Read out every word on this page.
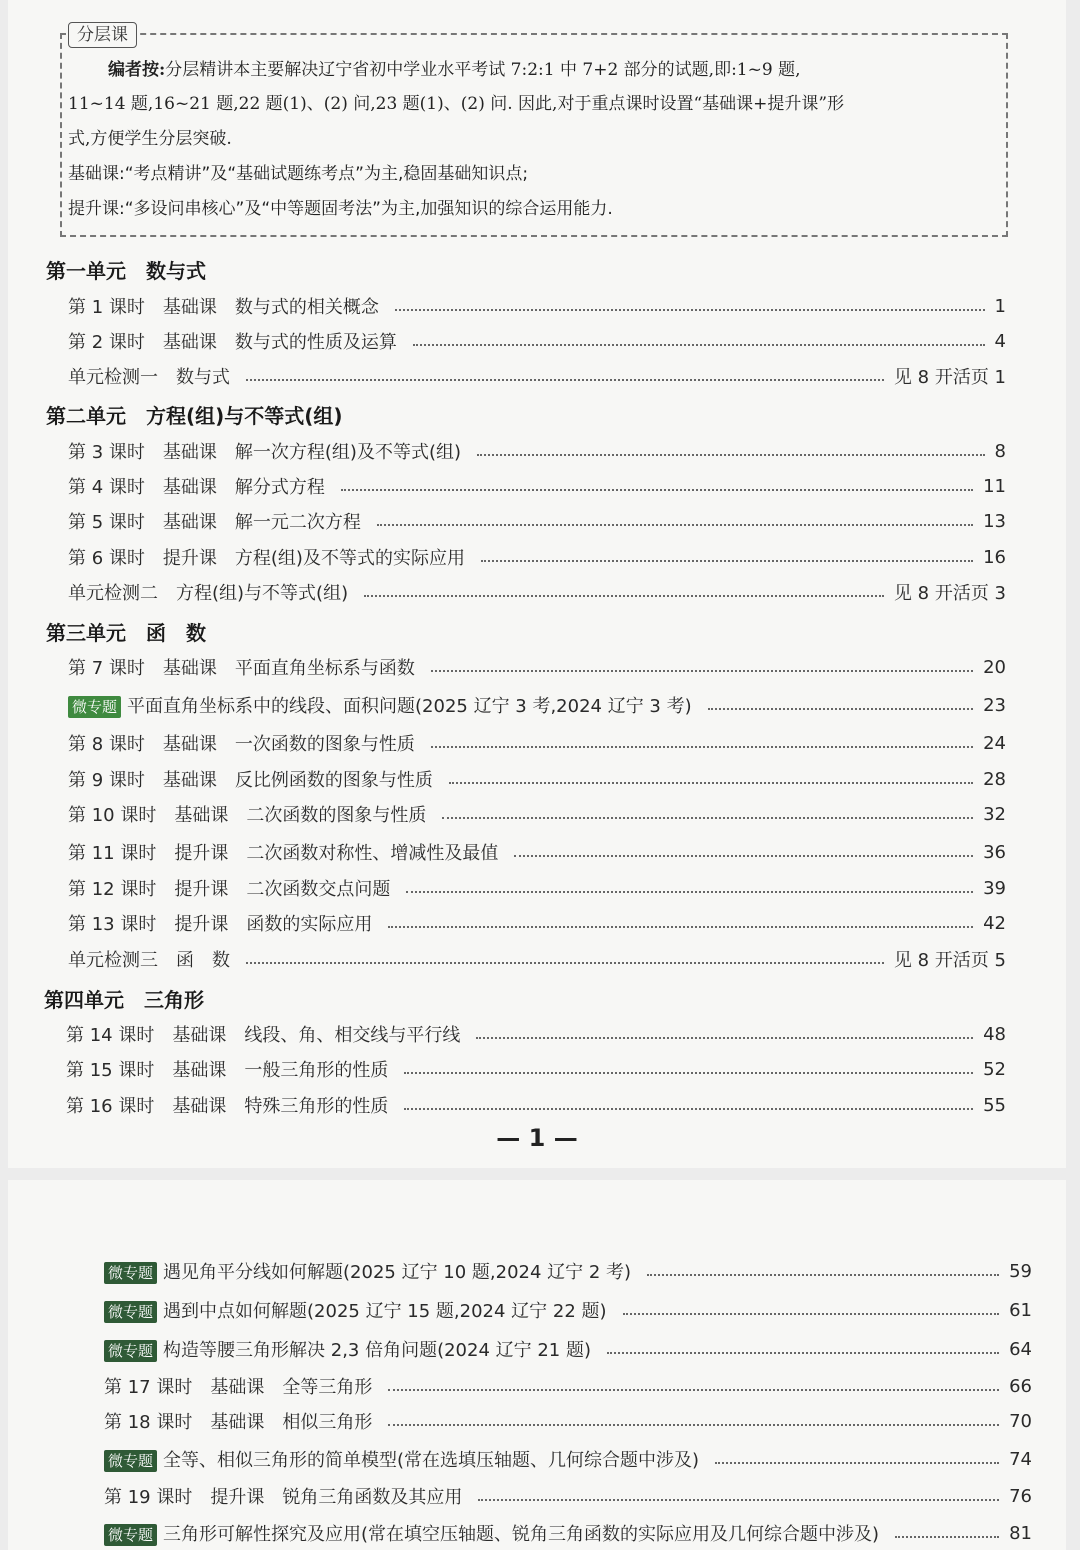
分层课
编者按:分层精讲本主要解决辽宁省初中学业水平考试 7:2:1 中 7+2 部分的试题,即:1~9 题,
11~14 题,16~21 题,22 题(1)、(2) 问,23 题(1)、(2) 问. 因此,对于重点课时设置“基础课+提升课”形
式,方便学生分层突破.
基础课:“考点精讲”及“基础试题练考点”为主,稳固基础知识点;
提升课:“多设问串核心”及“中等题固考法”为主,加强知识的综合运用能力.
第一单元　数与式
第二单元　方程(组)与不等式(组)
第三单元　函　数
第四单元　三角形
第 1 课时 基础课 数与式的相关概念	1
第 2 课时 基础课 数与式的性质及运算	4
单元检测一 数与式	见 8 开活页 1
第 3 课时 基础课 解一次方程(组)及不等式(组)	8
第 4 课时 基础课 解分式方程	11
第 5 课时 基础课 解一元二次方程	13
第 6 课时 提升课 方程(组)及不等式的实际应用	16
单元检测二 方程(组)与不等式(组)	见 8 开活页 3
第 7 课时 基础课 平面直角坐标系与函数	20
微专题 平面直角坐标系中的线段、面积问题(2025 辽宁 3 考,2024 辽宁 3 考)	23
第 8 课时 基础课 一次函数的图象与性质	24
第 9 课时 基础课 反比例函数的图象与性质	28
第 10 课时 基础课 二次函数的图象与性质	32
第 11 课时 提升课 二次函数对称性、增减性及最值	36
第 12 课时 提升课 二次函数交点问题	39
第 13 课时 提升课 函数的实际应用	42
单元检测三 函　数	见 8 开活页 5
第 14 课时 基础课 线段、角、相交线与平行线	48
第 15 课时 基础课 一般三角形的性质	52
第 16 课时 基础课 特殊三角形的性质	55
— 1 —
微专题 遇见角平分线如何解题(2025 辽宁 10 题,2024 辽宁 2 考)	59
微专题 遇到中点如何解题(2025 辽宁 15 题,2024 辽宁 22 题)	61
微专题 构造等腰三角形解决 2,3 倍角问题(2024 辽宁 21 题)	64
第 17 课时 基础课 全等三角形	66
第 18 课时 基础课 相似三角形	70
微专题 全等、相似三角形的简单模型(常在选填压轴题、几何综合题中涉及)	74
第 19 课时 提升课 锐角三角函数及其应用	76
微专题 三角形可解性探究及应用(常在填空压轴题、锐角三角函数的实际应用及几何综合题中涉及)	81
